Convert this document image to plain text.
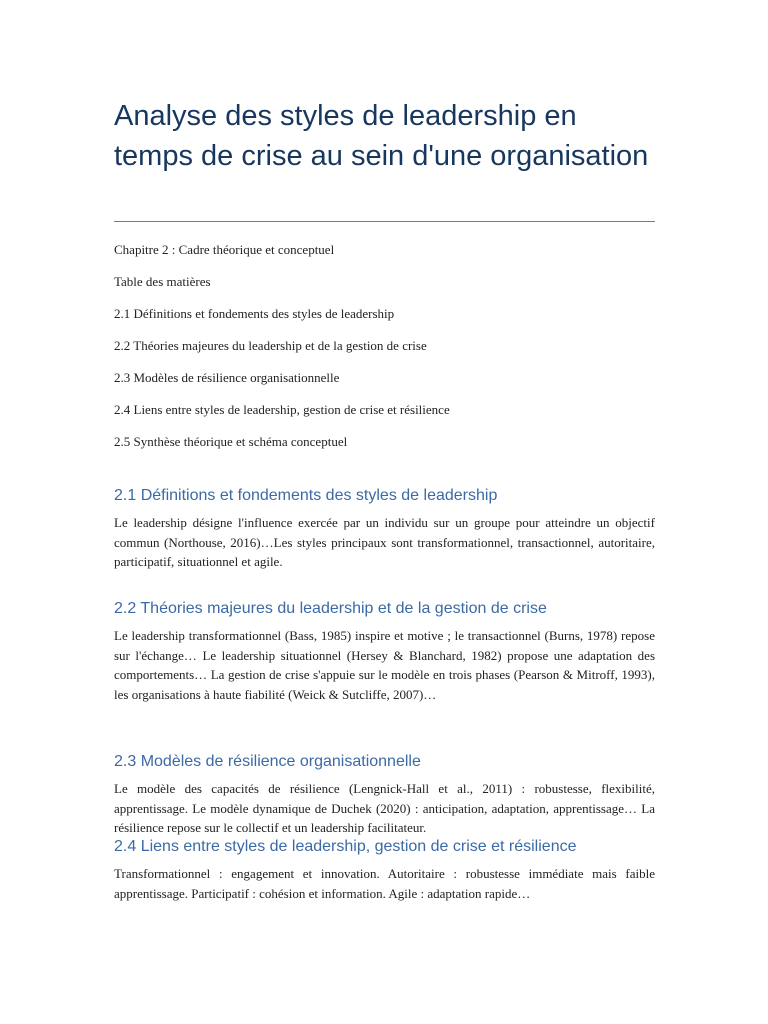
Analyse des styles de leadership en temps de crise au sein d'une organisation
Chapitre 2 : Cadre théorique et conceptuel
Table des matières
2.1 Définitions et fondements des styles de leadership
2.2 Théories majeures du leadership et de la gestion de crise
2.3 Modèles de résilience organisationnelle
2.4 Liens entre styles de leadership, gestion de crise et résilience
2.5 Synthèse théorique et schéma conceptuel
2.1 Définitions et fondements des styles de leadership

Le leadership désigne l'influence exercée par un individu sur un groupe pour atteindre un objectif commun (Northouse, 2016)…Les styles principaux sont transformationnel, transactionnel, autoritaire, participatif, situationnel et agile.

2.2 Théories majeures du leadership et de la gestion de crise

Le leadership transformationnel (Bass, 1985) inspire et motive ; le transactionnel (Burns, 1978) repose sur l'échange… Le leadership situationnel (Hersey & Blanchard, 1982) propose une adaptation des comportements… La gestion de crise s'appuie sur le modèle en trois phases (Pearson & Mitroff, 1993), les organisations à haute fiabilité (Weick & Sutcliffe, 2007)…

2.3 Modèles de résilience organisationnelle

Le modèle des capacités de résilience (Lengnick-Hall et al., 2011) : robustesse, flexibilité, apprentissage. Le modèle dynamique de Duchek (2020) : anticipation, adaptation, apprentissage… La résilience repose sur le collectif et un leadership facilitateur.

2.4 Liens entre styles de leadership, gestion de crise et résilience

Transformationnel : engagement et innovation. Autoritaire : robustesse immédiate mais faible apprentissage. Participatif : cohésion et information. Agile : adaptation rapide…
